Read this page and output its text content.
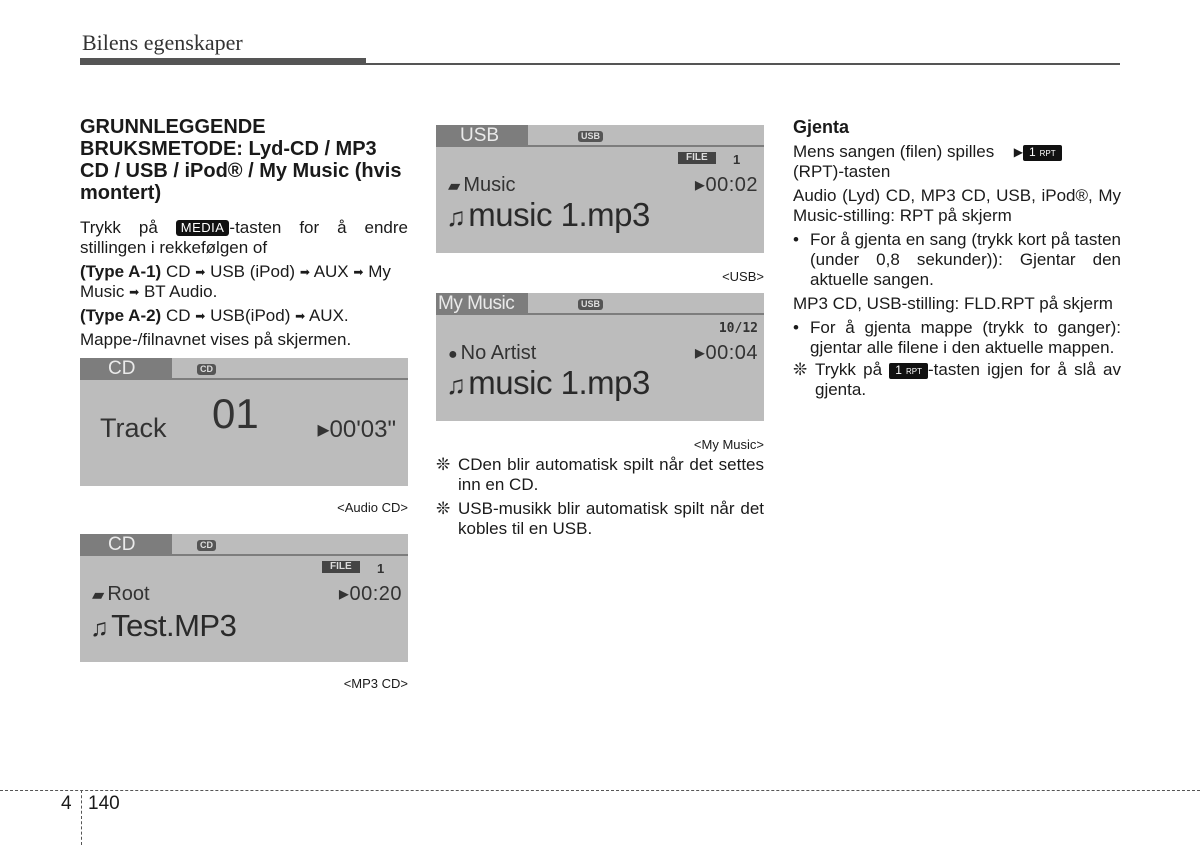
Bilens egenskaper
GRUNNLEGGENDE BRUKSMETODE: Lyd-CD / MP3 CD / USB / iPod® / My Music (hvis montert)

Trykk på MEDIA -tasten for å endre stillingen i rekkefølgen of

(Type A-1) CD ➡ USB (iPod) ➡ AUX ➡ My Music ➡ BT Audio.

(Type A-2) CD ➡ USB(iPod) ➡ AUX.

Mappe-/filnavnet vises på skjermen.

CD	CD
Track 01 ▸00'03"
<Audio CD>
CD	CD
FILE	1
▰ Root	▸00:20
♫Test.MP3
<MP3 CD>
USB	USB
FILE	1
▰ Music	▸00:02
♫music 1.mp3
<USB>
My Music	USB
10/12
● No Artist	▸00:04
♫music 1.mp3
<My Music>
❊ CDen blir automatisk spilt når det settes inn en CD.
❊ USB-musikk blir automatisk spilt når det kobles til en USB.
Gjenta

Mens sangen (filen) spilles ▶ 1 RPT
(RPT)-tasten

Audio (Lyd) CD, MP3 CD, USB, iPod®, My Music-stilling: RPT på skjerm

• For å gjenta en sang (trykk kort på tasten (under 0,8 sekunder)): Gjentar den aktuelle sangen.

MP3 CD, USB-stilling: FLD.RPT på skjerm

• For å gjenta mappe (trykk to ganger): gjentar alle filene i den aktuelle mappen.
❊ Trykk på 1 RPT -tasten igjen for å slå av gjenta.
4 140
